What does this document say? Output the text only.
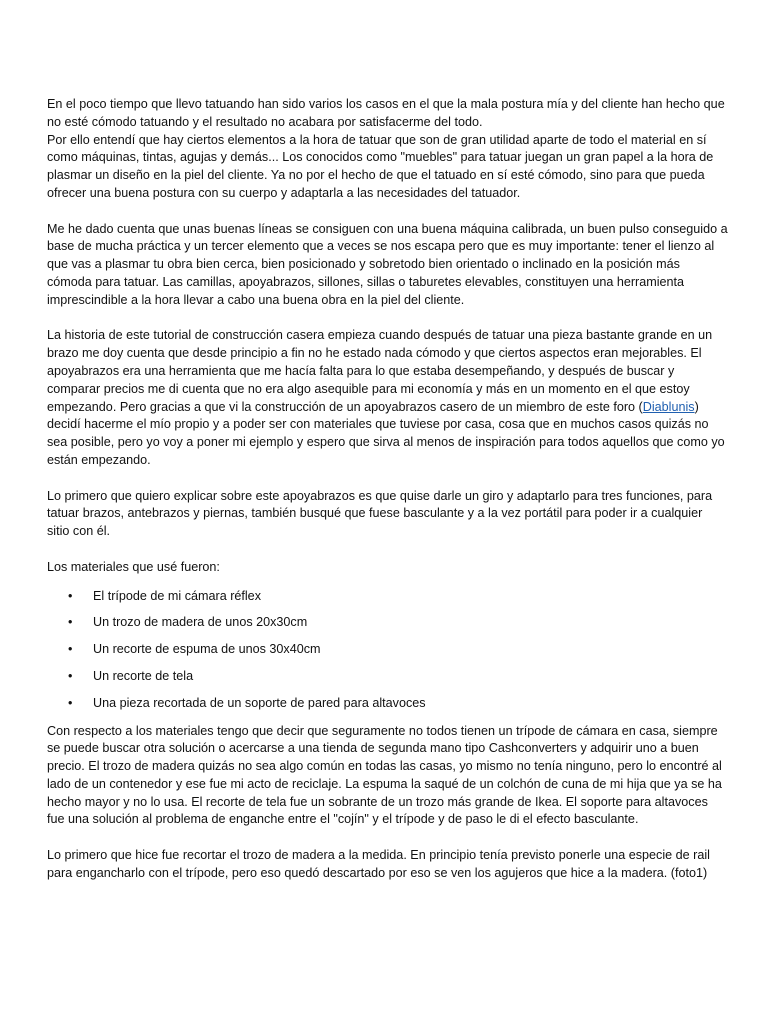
En el poco tiempo que llevo tatuando han sido varios los casos en el que la mala postura mía y del cliente han hecho que no esté cómodo tatuando y el resultado no acabara por satisfacerme del todo.

Por ello entendí que hay ciertos elementos a la hora de tatuar que son de gran utilidad aparte de todo el material en sí como máquinas, tintas, agujas y demás... Los conocidos como "muebles" para tatuar juegan un gran papel a la hora de plasmar un diseño en la piel del cliente. Ya no por el hecho de que el tatuado en sí esté cómodo, sino para que pueda ofrecer una buena postura con su cuerpo y adaptarla a las necesidades del tatuador.

Me he dado cuenta que unas buenas líneas se consiguen con una buena máquina calibrada, un buen pulso conseguido a base de mucha práctica y un tercer elemento que a veces se nos escapa pero que es muy importante: tener el lienzo al que vas a plasmar tu obra bien cerca, bien posicionado y sobretodo bien orientado o inclinado en la posición más cómoda para tatuar. Las camillas, apoyabrazos, sillones, sillas o taburetes elevables, constituyen una herramienta imprescindible a la hora llevar a cabo una buena obra en la piel del cliente.

La historia de este tutorial de construcción casera empieza cuando después de tatuar una pieza bastante grande en un brazo me doy cuenta que desde principio a fin no he estado nada cómodo y que ciertos aspectos eran mejorables. El apoyabrazos era una herramienta que me hacía falta para lo que estaba desempeñando, y después de buscar y comparar precios me di cuenta que no era algo asequible para mi economía y más en un momento en el que estoy empezando. Pero gracias a que vi la construcción de un apoyabrazos casero de un miembro de este foro (Diablunis) decidí hacerme el mío propio y a poder ser con materiales que tuviese por casa, cosa que en muchos casos quizás no sea posible, pero yo voy a poner mi ejemplo y espero que sirva al menos de inspiración para todos aquellos que como yo están empezando.

Lo primero que quiero explicar sobre este apoyabrazos es que quise darle un giro y adaptarlo para tres funciones, para tatuar brazos, antebrazos y piernas, también busqué que fuese basculante y a la vez portátil para poder ir a cualquier sitio con él.

Los materiales que usé fueron:

• El trípode de mi cámara réflex
• Un trozo de madera de unos 20x30cm
• Un recorte de espuma de unos 30x40cm
• Un recorte de tela
• Una pieza recortada de un soporte de pared para altavoces

Con respecto a los materiales tengo que decir que seguramente no todos tienen un trípode de cámara en casa, siempre se puede buscar otra solución o acercarse a una tienda de segunda mano tipo Cashconverters y adquirir uno a buen precio. El trozo de madera quizás no sea algo común en todas las casas, yo mismo no tenía ninguno, pero lo encontré al lado de un contenedor y ese fue mi acto de reciclaje. La espuma la saqué de un colchón de cuna de mi hija que ya se ha hecho mayor y no lo usa. El recorte de tela fue un sobrante de un trozo más grande de Ikea. El soporte para altavoces fue una solución al problema de enganche entre el "cojín" y el trípode y de paso le di el efecto basculante.

Lo primero que hice fue recortar el trozo de madera a la medida. En principio tenía previsto ponerle una especie de rail para engancharlo con el trípode, pero eso quedó descartado por eso se ven los agujeros que hice a la madera. (foto1)
